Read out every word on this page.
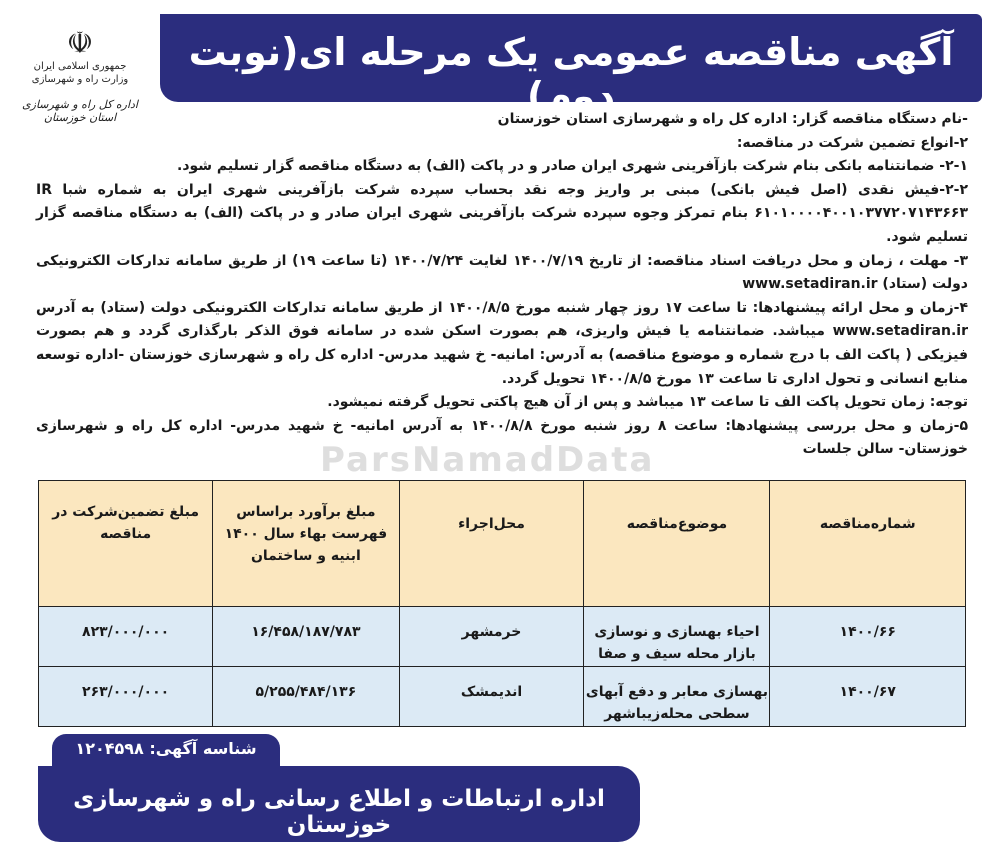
آگهی مناقصه عمومی یک مرحله ای(نوبت دوم)
☫
جمهوری اسلامی ایران
وزارت راه و شهرسازی
اداره کل راه و شهرسازی استان خوزستان
ParsNamadData

-نام دستگاه مناقصه گزار: اداره کل راه و شهرسازی استان خوزستان

۲-انواع تضمین شرکت در مناقصه:

۲-۱- ضمانتنامه بانکی بنام شرکت بازآفرینی شهری ایران صادر و در پاکت (الف) به دستگاه مناقصه گزار تسلیم شود.

۲-۲-فیش نقدی (اصل فیش بانکی) مبنی بر واریز وجه نقد بحساب سپرده شرکت بازآفرینی شهری ایران به شماره شبا IR ۶۱۰۱۰۰۰۰۴۰۰۱۰۳۷۷۲۰۷۱۴۳۶۶۳ بنام تمرکز وجوه سپرده شرکت بازآفرینی شهری ایران صادر و در پاکت (الف) به دستگاه مناقصه گزار تسلیم شود.

۳- مهلت ، زمان و محل دریافت اسناد مناقصه: از تاریخ ۱۴۰۰/۷/۱۹ لغایت ۱۴۰۰/۷/۲۴ (تا ساعت ۱۹) از طریق سامانه تدارکات الکترونیکی دولت (ستاد) www.setadiran.ir

۴-زمان و محل ارائه پیشنهادها: تا ساعت ۱۷ روز چهار شنبه مورخ ۱۴۰۰/۸/۵ از طریق سامانه تدارکات الکترونیکی دولت (ستاد) به آدرس www.setadiran.ir میباشد. ضمانتنامه یا فیش واریزی، هم بصورت اسکن شده در سامانه فوق الذکر بارگذاری گردد و هم بصورت فیزیکی ( پاکت الف با درج شماره و موضوع مناقصه) به آدرس: امانیه- خ شهید مدرس- اداره کل راه و شهرسازی خوزستان -اداره توسعه منابع انسانی و تحول اداری تا ساعت ۱۳ مورخ ۱۴۰۰/۸/۵ تحویل گردد.

توجه: زمان تحویل پاکت الف تا ساعت ۱۳ میباشد و پس از آن هیچ پاکتی تحویل گرفته نمیشود.

۵-زمان و محل بررسی پیشنهادها: ساعت ۸ روز شنبه مورخ ۱۴۰۰/۸/۸ به آدرس امانیه- خ شهید مدرس- اداره کل راه و شهرسازی خوزستان- سالن جلسات

شماره‌مناقصه	موضوع‌مناقصه	محل‌اجراء	مبلغ برآورد براساس فهرست بهاء سال ۱۴۰۰ ابنیه و ساختمان	مبلغ تضمین‌شرکت در مناقصه
۱۴۰۰/۶۶	احیاء بهسازی و نوسازی بازار محله سیف و صفا	خرمشهر	۱۶/۴۵۸/۱۸۷/۷۸۳	۸۲۳/۰۰۰/۰۰۰
۱۴۰۰/۶۷	بهسازی معابر و دفع آبهای سطحی محله‌زیباشهر	اندیمشک	۵/۲۵۵/۴۸۴/۱۳۶	۲۶۳/۰۰۰/۰۰۰
شناسه آگهی: ۱۲۰۴۵۹۸
اداره ارتباطات و اطلاع رسانی راه و شهرسازی خوزستان
